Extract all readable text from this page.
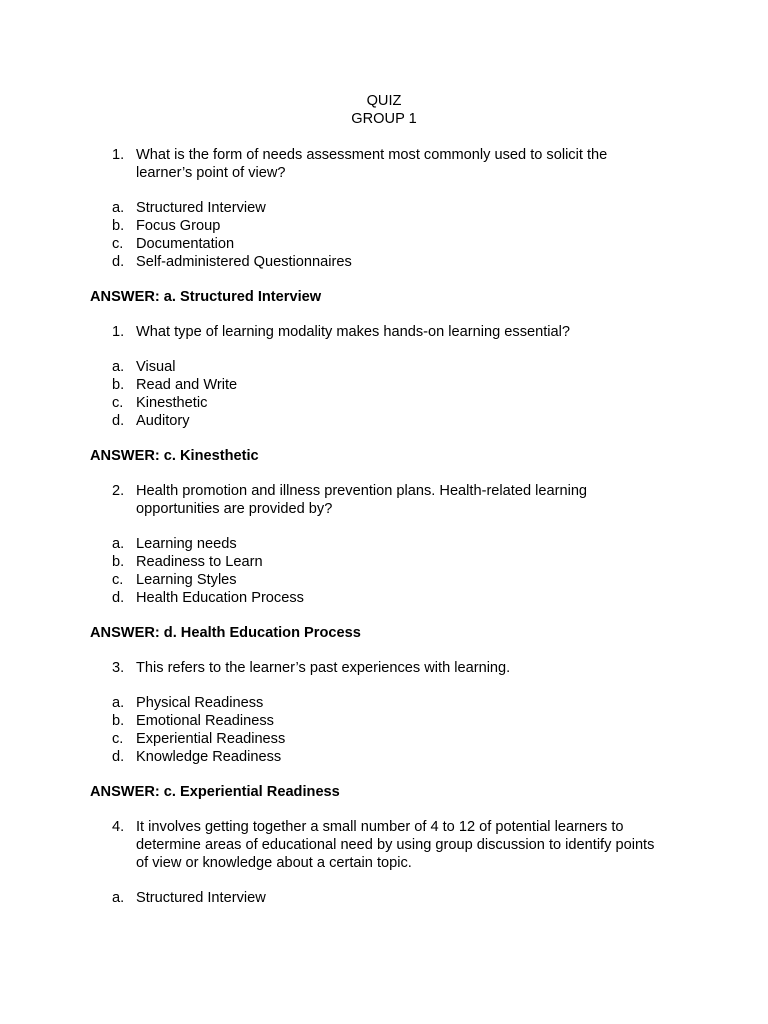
QUIZ
GROUP 1
1. What is the form of needs assessment most commonly used to solicit the
learner’s point of view?
a. Structured Interview
b. Focus Group
c. Documentation
d. Self-administered Questionnaires
ANSWER: a. Structured Interview
1. What type of learning modality makes hands-on learning essential?
a. Visual
b. Read and Write
c. Kinesthetic
d. Auditory
ANSWER: c. Kinesthetic
2. Health promotion and illness prevention plans. Health-related learning
opportunities are provided by?
a. Learning needs
b. Readiness to Learn
c. Learning Styles
d. Health Education Process
ANSWER: d. Health Education Process
3. This refers to the learner’s past experiences with learning.
a. Physical Readiness
b. Emotional Readiness
c. Experiential Readiness
d. Knowledge Readiness
ANSWER: c. Experiential Readiness
4. It involves getting together a small number of 4 to 12 of potential learners to
determine areas of educational need by using group discussion to identify points
of view or knowledge about a certain topic.
a. Structured Interview
